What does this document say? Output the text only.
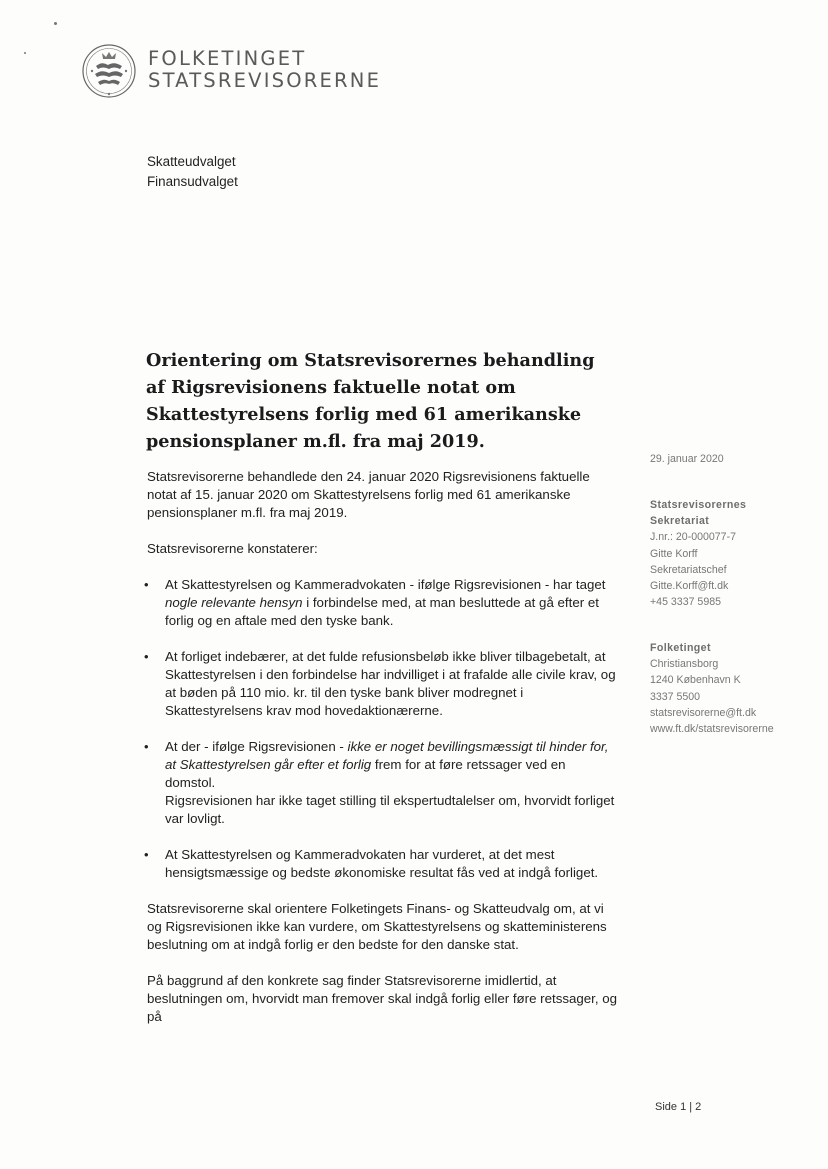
FOLKETINGET
STATSREVISORERNE
Skatteudvalget
Finansudvalget
Orientering om Statsrevisorernes behandling af Rigsrevisionens faktuelle notat om Skattestyrelsens forlig med 61 amerikanske pensionsplaner m.fl. fra maj 2019.

Statsrevisorerne behandlede den 24. januar 2020 Rigsrevisionens faktuelle notat af 15. januar 2020 om Skattestyrelsens forlig med 61 amerikanske pensionsplaner m.fl. fra maj 2019.

Statsrevisorerne konstaterer:

• At Skattestyrelsen og Kammeradvokaten - ifølge Rigsrevisionen - har taget nogle relevante hensyn i forbindelse med, at man besluttede at gå efter et forlig og en aftale med den tyske bank.
• At forliget indebærer, at det fulde refusionsbeløb ikke bliver tilbagebetalt, at Skattestyrelsen i den forbindelse har indvilliget i at frafalde alle civile krav, og at bøden på 110 mio. kr. til den tyske bank bliver modregnet i Skattestyrelsens krav mod hovedaktionærerne.
• At der - ifølge Rigsrevisionen - ikke er noget bevillingsmæssigt til hinder for, at Skattestyrelsen går efter et forlig frem for at føre retssager ved en domstol.
Rigsrevisionen har ikke taget stilling til ekspertudtalelser om, hvorvidt forliget var lovligt.
• At Skattestyrelsen og Kammeradvokaten har vurderet, at det mest hensigtsmæssige og bedste økonomiske resultat fås ved at indgå forliget.

Statsrevisorerne skal orientere Folketingets Finans- og Skatteudvalg om, at vi og Rigsrevisionen ikke kan vurdere, om Skattestyrelsens og skatteministerens beslutning om at indgå forlig er den bedste for den danske stat.

På baggrund af den konkrete sag finder Statsrevisorerne imidlertid, at beslutningen om, hvorvidt man fremover skal indgå forlig eller føre retssager, og på

29. januar 2020
Statsrevisorernes
Sekretariat
J.nr.: 20-000077-7
Gitte Korff
Sekretariatschef
Gitte.Korff@ft.dk
+45 3337 5985
Folketinget
Christiansborg
1240 København K
3337 5500
statsrevisorerne@ft.dk
www.ft.dk/statsrevisorerne
Side 1 | 2
